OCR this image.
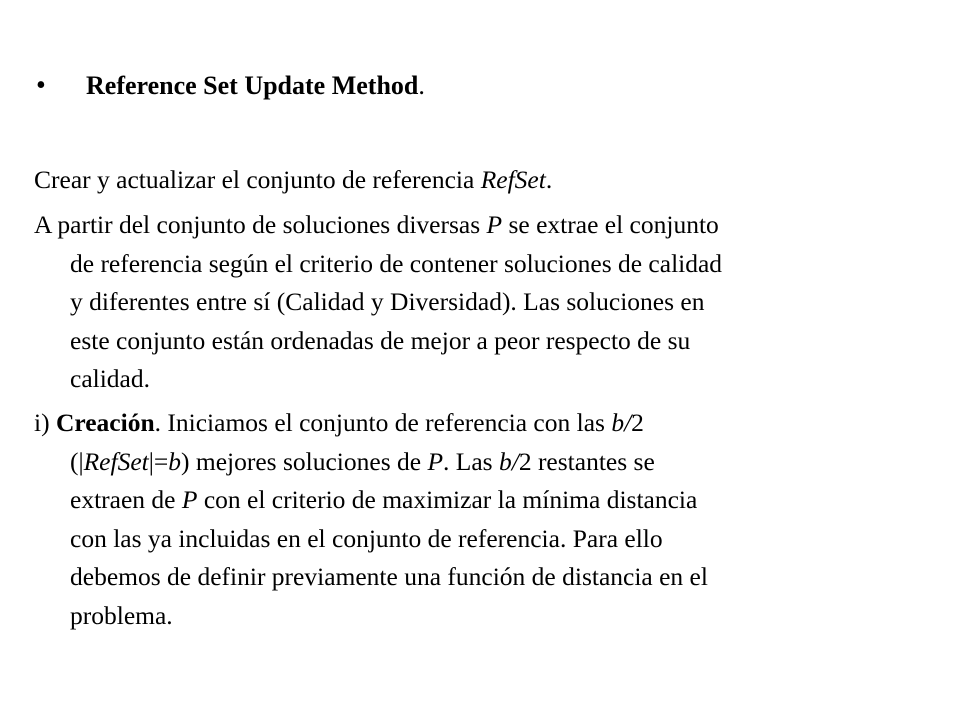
• Reference Set Update Method.
Crear y actualizar el conjunto de referencia RefSet.
A partir del conjunto de soluciones diversas P se extrae el conjunto
de referencia según el criterio de contener soluciones de calidad
y diferentes entre sí (Calidad y Diversidad). Las soluciones en
este conjunto están ordenadas de mejor a peor respecto de su
calidad.
i) Creación. Iniciamos el conjunto de referencia con las b/2
(|RefSet|=b) mejores soluciones de P. Las b/2 restantes se
extraen de P con el criterio de maximizar la mínima distancia
con las ya incluidas en el conjunto de referencia. Para ello
debemos de definir previamente una función de distancia en el
problema.
